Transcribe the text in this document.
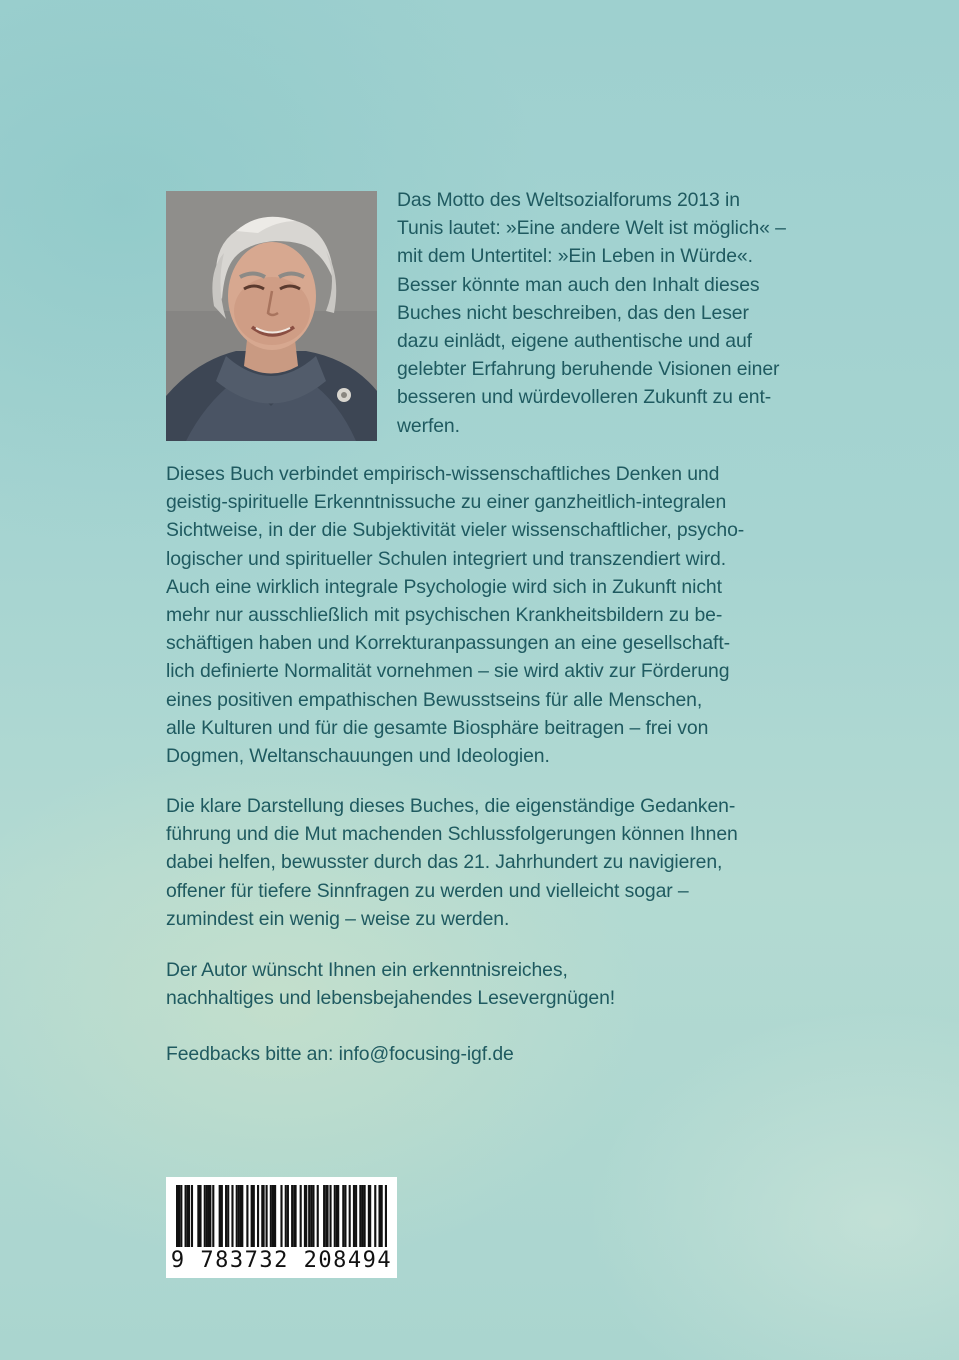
Das Motto des Weltsozialforums 2013 in
Tunis lautet: »Eine andere Welt ist möglich« –
mit dem Untertitel: »Ein Leben in Würde«.
Besser könnte man auch den Inhalt dieses
Buches nicht beschreiben, das den Leser
dazu einlädt, eigene authentische und auf
gelebter Erfahrung beruhende Visionen einer
besseren und würdevolleren Zukunft zu ent-
werfen.
Dieses Buch verbindet empirisch-wissenschaftliches Denken und
geistig-spirituelle Erkenntnissuche zu einer ganzheitlich-integralen
Sichtweise, in der die Subjektivität vieler wissenschaftlicher, psycho-
logischer und spiritueller Schulen integriert und transzendiert wird.
Auch eine wirklich integrale Psychologie wird sich in Zukunft nicht
mehr nur ausschließlich mit psychischen Krankheitsbildern zu be-
schäftigen haben und Korrekturanpassungen an eine gesellschaft-
lich definierte Normalität vornehmen – sie wird aktiv zur Förderung
eines positiven empathischen Bewusstseins für alle Menschen,
alle Kulturen und für die gesamte Biosphäre beitragen – frei von
Dogmen, Weltanschauungen und Ideologien.
Die klare Darstellung dieses Buches, die eigenständige Gedanken-
führung und die Mut machenden Schlussfolgerungen können Ihnen
dabei helfen, bewusster durch das 21. Jahrhundert zu navigieren,
offener für tiefere Sinnfragen zu werden und vielleicht sogar –
zumindest ein wenig – weise zu werden.
Der Autor wünscht Ihnen ein erkenntnisreiches,
nachhaltiges und lebensbejahendes Lesevergnügen!
Feedbacks bitte an: info@focusing-igf.de
9 783732 208494
